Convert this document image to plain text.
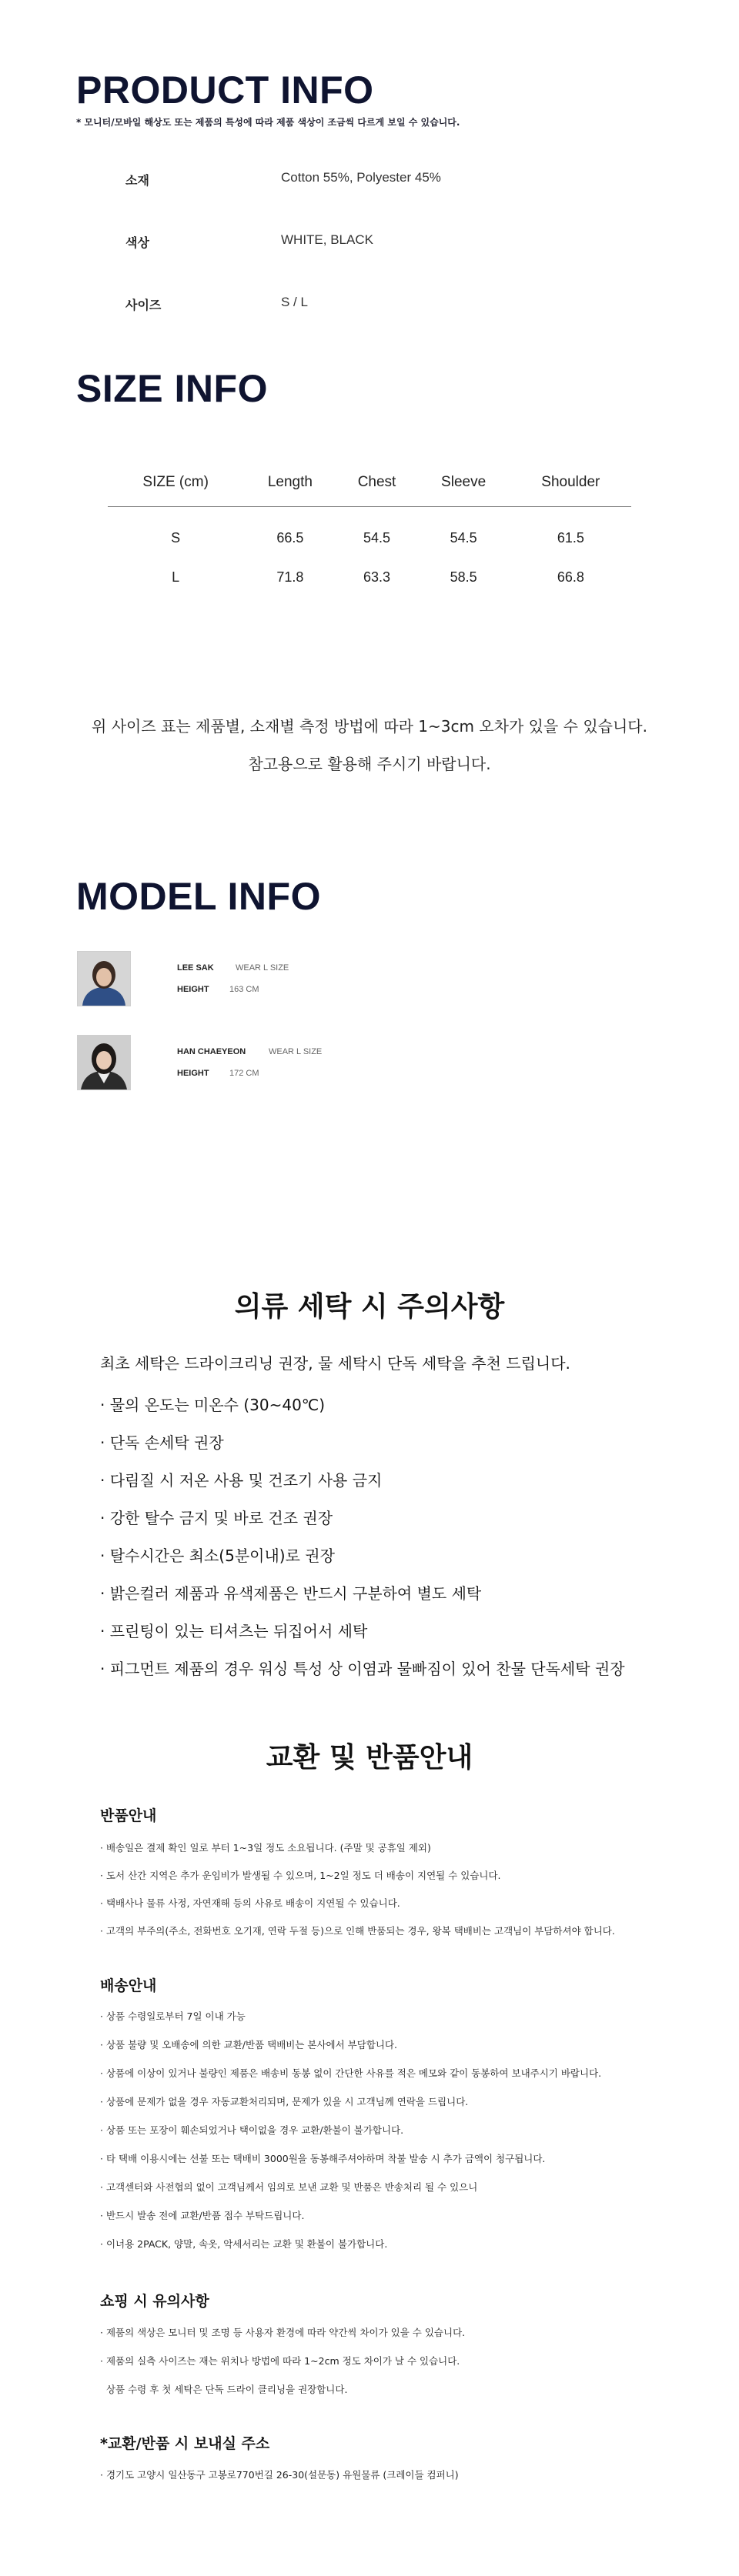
PRODUCT INFO
* 모니터/모바일 해상도 또는 제품의 특성에 따라 제품 색상이 조금씩 다르게 보일 수 있습니다.
소재	Cotton 55%, Polyester 45%
색상	WHITE, BLACK
사이즈	S / L
SIZE INFO
SIZE (cm)	Length	Chest	Sleeve	Shoulder
S	66.5	54.5	54.5	61.5
L	71.8	63.3	58.5	66.8
위 사이즈 표는 제품별, 소재별 측정 방법에 따라 1~3cm 오차가 있을 수 있습니다.
참고용으로 활용해 주시기 바랍니다.
MODEL INFO
LEE SAK	WEAR L SIZE
HEIGHT 163 CM
HAN CHAEYEON	WEAR L SIZE
HEIGHT 172 CM
의류 세탁 시 주의사항
최초 세탁은 드라이크리닝 권장, 물 세탁시 단독 세탁을 추천 드립니다.
· 물의 온도는 미온수 (30~40℃)
· 단독 손세탁 권장
· 다림질 시 저온 사용 및 건조기 사용 금지
· 강한 탈수 금지 및 바로 건조 권장
· 탈수시간은 최소(5분이내)로 권장
· 밝은컬러 제품과 유색제품은 반드시 구분하여 별도 세탁
· 프린팅이 있는 티셔츠는 뒤집어서 세탁
· 피그먼트 제품의 경우 워싱 특성 상 이염과 물빠짐이 있어 찬물 단독세탁 권장
교환 및 반품안내
반품안내
· 배송일은 결제 확인 일로 부터 1~3일 정도 소요됩니다. (주말 및 공휴일 제외)
· 도서 산간 지역은 추가 운임비가 발생될 수 있으며, 1~2일 정도 더 배송이 지연될 수 있습니다.
· 택배사나 물류 사정, 자연재해 등의 사유로 배송이 지연될 수 있습니다.
· 고객의 부주의(주소, 전화번호 오기재, 연락 두절 등)으로 인해 반품되는 경우, 왕복 택배비는 고객님이 부담하셔야 합니다.
배송안내
· 상품 수령일로부터 7일 이내 가능
· 상품 불량 및 오배송에 의한 교환/반품 택배비는 본사에서 부담합니다.
· 상품에 이상이 있거나 불량인 제품은 배송비 동봉 없이 간단한 사유를 적은 메모와 같이 동봉하여 보내주시기 바랍니다.
· 상품에 문제가 없을 경우 자동교환처리되며, 문제가 있을 시 고객님께 연락을 드립니다.
· 상품 또는 포장이 훼손되었거나 택이없을 경우 교환/환불이 불가합니다.
· 타 택배 이용시에는 선불 또는 택배비 3000원을 동봉해주셔야하며 착불 발송 시 추가 금액이 청구됩니다.
· 고객센터와 사전협의 없이 고객님께서 임의로 보낸 교환 및 반품은 반송처리 될 수 있으니
· 반드시 발송 전에 교환/반품 접수 부탁드립니다.
· 이너용 2PACK, 양말, 속옷, 악세서리는 교환 및 환불이 불가합니다.
쇼핑 시 유의사항
· 제품의 색상은 모니터 및 조명 등 사용자 환경에 따라 약간씩 차이가 있을 수 있습니다.
· 제품의 실측 사이즈는 재는 위치나 방법에 따라 1~2cm 정도 차이가 날 수 있습니다.
상품 수령 후 첫 세탁은 단독 드라이 클리닝을 권장합니다.
*교환/반품 시 보내실 주소
· 경기도 고양시 일산동구 고봉로770번길 26-30(설문동) 유원물류 (크레이들 컴퍼니)
